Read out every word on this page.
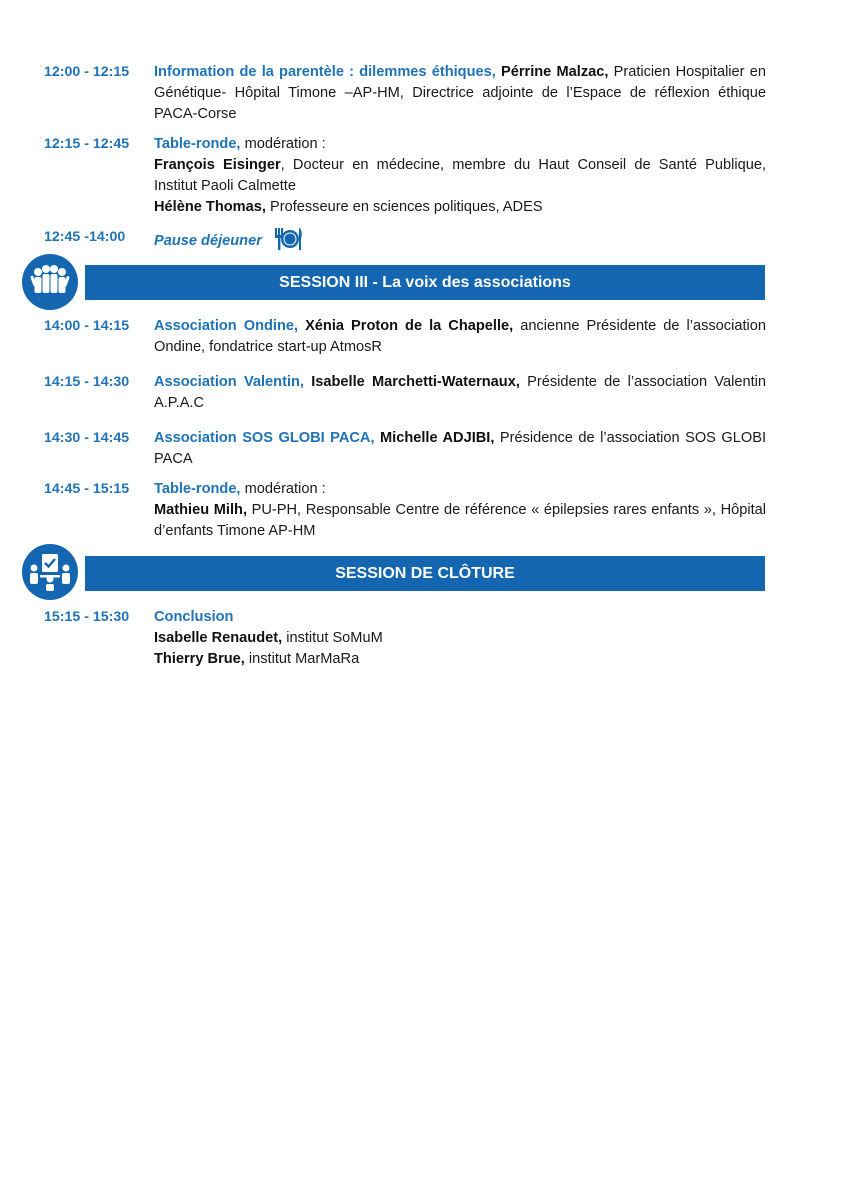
12:00 - 12:15	Information de la parentèle : dilemmes éthiques, Pérrine Malzac, Praticien Hospitalier en Génétique- Hôpital Timone –AP-HM, Directrice adjointe de l’Espace de réflexion éthique PACA-Corse
12:15 - 12:45	Table-ronde, modération :
François Eisinger, Docteur en médecine, membre du Haut Conseil de Santé Publique, Institut Paoli Calmette
Hélène Thomas, Professeure en sciences politiques, ADES
12:45 -14:00	Pause déjeuner
SESSION III - La voix des associations
14:00 - 14:15	Association Ondine, Xénia Proton de la Chapelle, ancienne Présidente de l’association Ondine, fondatrice start-up AtmosR
14:15 - 14:30	Association Valentin, Isabelle Marchetti-Waternaux, Présidente de l’association Valentin A.P.A.C
14:30 - 14:45	Association SOS GLOBI PACA, Michelle ADJIBI, Présidence de l’association SOS GLOBI PACA
14:45 - 15:15	Table-ronde, modération :
Mathieu Milh, PU-PH, Responsable Centre de référence « épilepsies rares enfants », Hôpital d’enfants Timone AP-HM
SESSION DE CLÔTURE
15:15 - 15:30	Conclusion
Isabelle Renaudet, institut SoMuM
Thierry Brue, institut MarMaRa
